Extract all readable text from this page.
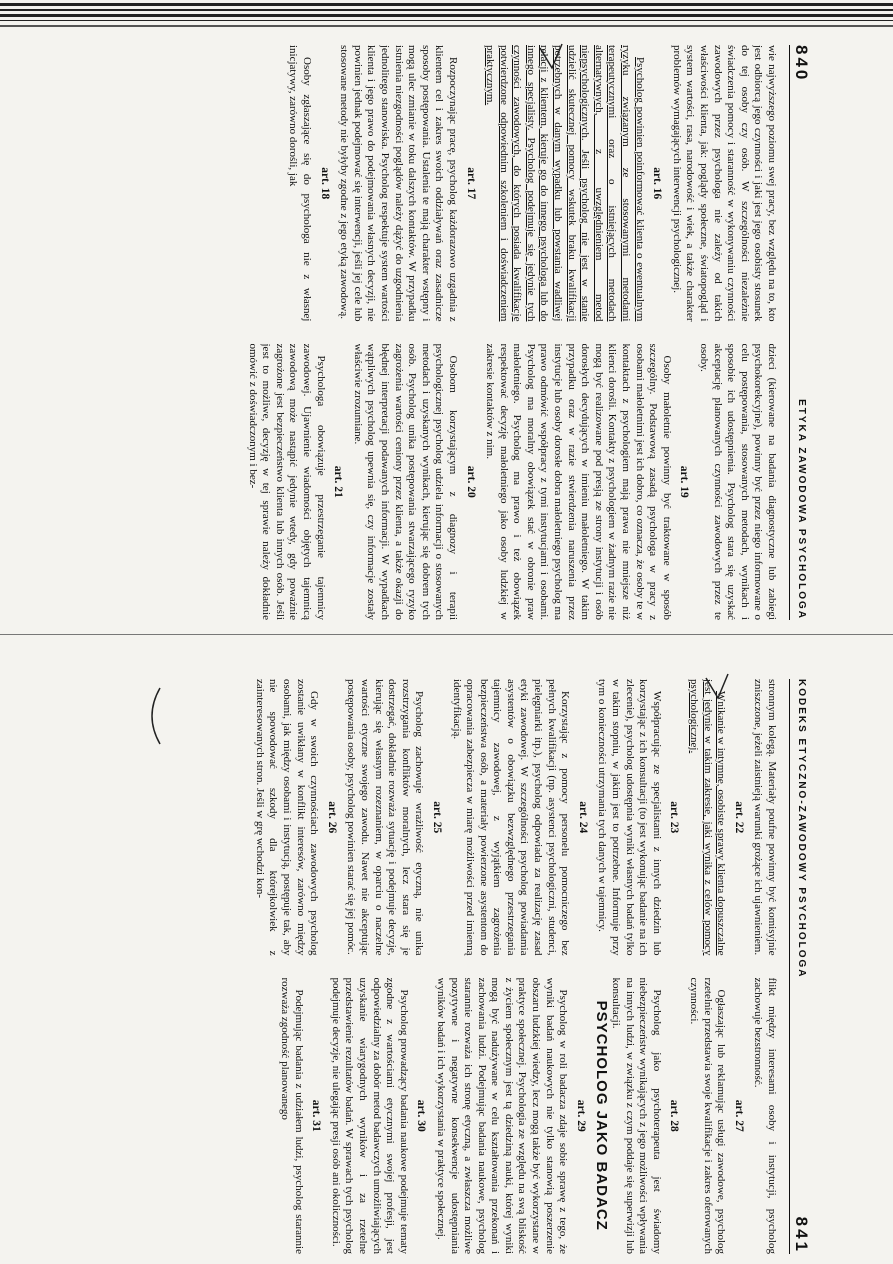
840
ETYKA ZAWODOWA PSYCHOLOGA

wie najwyższego poziomu swej pracy, bez względu na to, kto jest odbiorcą jego czynności i jaki jest jego osobisty stosunek do tej osoby czy osób. W szczególności niezależnie świadczenia pomocy i staranność w wykonywaniu czynności zawodowych przez psychologa nie zależy od takich właściwości klienta, jak: poglądy społeczne, światopogląd i system wartości, rasa, narodowość i wiek, a także charakter problemów wymagających interwencji psychologicznej.

art. 16

Psycholog powinien poinformować klienta o ewentualnym ryzyku związanym ze stosowanymi metodami terapeutycznymi oraz o istniejących metodach alternatywnych, z uwzględnieniem metod niepsychologicznych. Jeśli psycholog nie jest w stanie udzielić skutecznej pomocy wskutek braku kwalifikacji potrzebnych w danym wypadku lub powstania wadliwej relacji z klientem, kieruje go do innego psychologa lub do innego specjalisty. Psycholog podejmuje się jedynie tych czynności zawodowych, do których posiada kwalifikacje potwierdzone odpowiednim szkoleniem i doświadczeniem praktycznym.

art. 17

Rozpoczynając pracę, psycholog każdorazowo uzgadnia z klientem cel i zakres swoich oddziaływań oraz zasadnicze sposoby postępowania. Ustalenia te mają charakter wstępny i mogą ulec zmianie w toku dalszych kontaktów. W przypadku istnienia niezgodności poglądów należy dążyć do uzgodnienia jednolitego stanowiska. Psycholog respektuje system wartości klienta i jego prawo do podejmowania własnych decyzji, nie powinien jednak podejmować się interwencji, jeśli jej cele lub stosowane metody nie byłyby zgodne z jego etyką zawodową.

art. 18

Osoby zgłaszające się do psychologa nie z własnej inicjatywy, zarówno dorośli, jak

dzieci (kierowane na badania diagnostyczne lub zabiegi psychokorekcyjne), powinny być przez niego informowane o celu postępowania, stosowanych metodach, wynikach i sposobie ich udostępnienia. Psycholog stara się uzyskać akceptację planowanych czynności zawodowych przez te osoby.

art. 19

Osoby małoletnie powinny być traktowane w sposób szczególny. Podstawową zasadą psychologa w pracy z osobami małoletnimi jest ich dobro, co oznacza, że osoby te w kontaktach z psychologiem mają prawa nie mniejsze niż klienci dorośli. Kontakty z psychologiem w żadnym razie nie mogą być realizowane pod presją ze strony instytucji i osób dorosłych decydujących w imieniu małoletniego. W takim przypadku oraz w razie stwierdzenia naruszenia przez instytucje lub osoby dorosłe dobra małoletniego psycholog ma prawo odmówić współpracy z tymi instytucjami i osobami. Psycholog ma moralny obowiązek stać w obronie praw małoletniego. Psycholog ma prawo i też obowiązek respektować decyzję małoletniego jako osoby ludzkiej w zakresie kontaktów z nim.

art. 20

Osobom korzystającym z diagnozy i terapii psychologicznej psycholog udziela informacji o stosowanych metodach i uzyskanych wynikach, kierując się dobrem tych osób. Psycholog unika postępowania stwarzającego ryzyko zagrożenia wartości ceniony przez klienta, a także okazji do błędnej interpretacji podawanych informacji. W wypadkach wątpliwych psycholog upewnia się, czy informacje zostały właściwie zrozumiane.

art. 21

Psychologa obowiązuje przestrzeganie tajemnicy zawodowej. Ujawnienie wiadomości objętych tajemnicą zawodową może nastąpić jedynie wtedy, gdy poważnie zagrożone jest bezpieczeństwo klienta lub innych osób. Jeśli jest to możliwe, decyzję w tej sprawie należy dokładnie omówić z doświadczonym i bez-

KODEKS ETYCZNO-ZAWODOWY PSYCHOLOGA
841

stronnym kolegą. Materiały poufne powinny być komisyjnie zniszczone, jeżeli zaistnieją warunki grożące ich ujawnieniem.

art. 22

Wnikanie w intymne, osobiste sprawy klienta dopuszczalne jest jedynie w takim zakresie, jaki wynika z celów pomocy psychologicznej.

art. 23

Współpracując ze specjalistami z innych dziedzin lub korzystając z ich konsultacji (to jest wykonując badanie na ich zlecenie), psycholog udostępnia wyniki własnych badań tylko w takim stopniu, w jakim jest to potrzebne. Informuje przy tym o konieczności utrzymania tych danych w tajemnicy.

art. 24

Korzystając z pomocy personelu pomocniczego bez pełnych kwalifikacji (np. asystenci psychologiczni, studenci, pielęgniarki itp.), psycholog odpowiada za realizację zasad etyki zawodowej. W szczególności psycholog powiadamia asystentów o obowiązku bezwzględnego przestrzegania tajemnicy zawodowej, z wyjątkiem zagrożenia bezpieczeństwa osób, a materiały powierzone asystentom do opracowania zabezpiecza w miarę możliwości przed imienną identyfikacją.

art. 25

Psycholog zachowuje wrażliwość etyczną, nie unika rozstrzygania konfliktów moralnych, lecz stara się je dostrzegać, dokładnie rozważa sytuację i podejmuje decyzje, kierując się własnym rozeznaniem, w oparciu o naczelne wartości etyczne swojego zawodu. Nawet nie akceptując postępowania osoby, psycholog powinien starać się jej pomóc.

art. 26

Gdy w swoich czynnościach zawodowych psycholog zostanie uwikłany w konflikt interesów, zarówno między osobami, jak między osobami i instytucją, postępuje tak, aby nie spowodować szkody dla którejkolwiek z zainteresowanych stron. Jeśli w grę wchodzi kon-

flikt między interesami osoby i instytucji, psycholog zachowuje bezstronność.

art. 27

Ogłaszając lub reklamując usługi zawodowe, psycholog rzetelnie przedstawia swoje kwalifikacje i zakres oferowanych czynności.

art. 28

Psycholog jako psychoterapeuta jest świadomy niebezpieczeństw wynikających z jego możliwości wpływania na innych ludzi, w związku z czym poddaje się superwizji lub konsultacji.

PSYCHOLOG JAKO BADACZ
art. 29

Psycholog w roli badacza zdaje sobie sprawę z tego, że wyniki badań naukowych nie tylko stanowią poszerzenie obszaru ludzkiej wiedzy, lecz mogą także być wykorzystane w praktyce społecznej. Psychologia ze względu na swą bliskość z życiem społecznym jest tą dziedziną nauki, której wyniki mogą być nadużywane w celu kształtowania przekonań i zachowania ludzi. Podejmując badania naukowe, psycholog starannie rozważa ich stronę etyczną, a zwłaszcza możliwe pozytywne i negatywne konsekwencje udostępniania wyników badań i ich wykorzystania w praktyce społecznej.

art. 30

Psycholog prowadzący badania naukowe podejmuje tematy zgodne z wartościami etycznymi swojej profesji, jest odpowiedzialny za dobór metod badawczych umożliwiających uzyskanie wiarygodnych wyników i za rzetelne przedstawienie rezultatów badań. W sprawach tych psycholog podejmuje decyzje, nie ulegając presji osób ani okoliczności.

art. 31

Podejmując badania z udziałem ludzi, psycholog starannie rozważa zgodność planowanego
